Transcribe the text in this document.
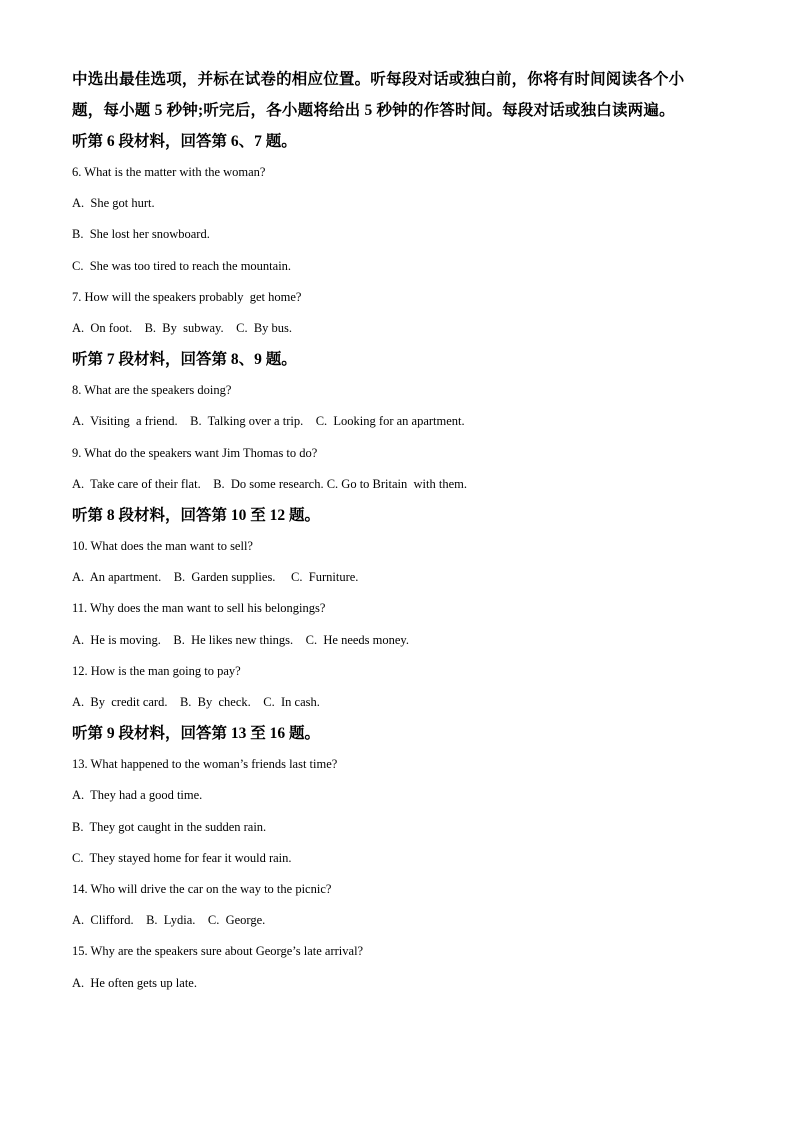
中选出最佳选项，并标在试卷的相应位置。听每段对话或独白前，你将有时间阅读各个小

题，每小题 5 秒钟;听完后，各小题将给出 5 秒钟的作答时间。每段对话或独白读两遍。

听第 6 段材料，回答第 6、7 题。

6. What is the matter with the woman?

A.  She got hurt.

B.  She lost her snowboard.

C.  She was too tired to reach the mountain.

7. How will the speakers probably  get home?

A.  On foot.    B.  By  subway.    C.  By bus.

听第 7 段材料，回答第 8、9 题。

8. What are the speakers doing?

A.  Visiting  a friend.    B.  Talking over a trip.    C.  Looking for an apartment.

9. What do the speakers want Jim Thomas to do?

A.  Take care of their flat.    B.  Do some research. C. Go to Britain  with them.

听第 8 段材料，回答第 10 至 12 题。

10. What does the man want to sell?

A.  An apartment.    B.  Garden supplies.     C.  Furniture.

11. Why does the man want to sell his belongings?

A.  He is moving.    B.  He likes new things.    C.  He needs money.

12. How is the man going to pay?

A.  By  credit card.    B.  By  check.    C.  In cash.

听第 9 段材料，回答第 13 至 16 题。

13. What happened to the woman’s friends last time?

A.  They had a good time.

B.  They got caught in the sudden rain.

C.  They stayed home for fear it would rain.

14. Who will drive the car on the way to the picnic?

A.  Clifford.    B.  Lydia.    C.  George.

15. Why are the speakers sure about George’s late arrival?

A.  He often gets up late.
